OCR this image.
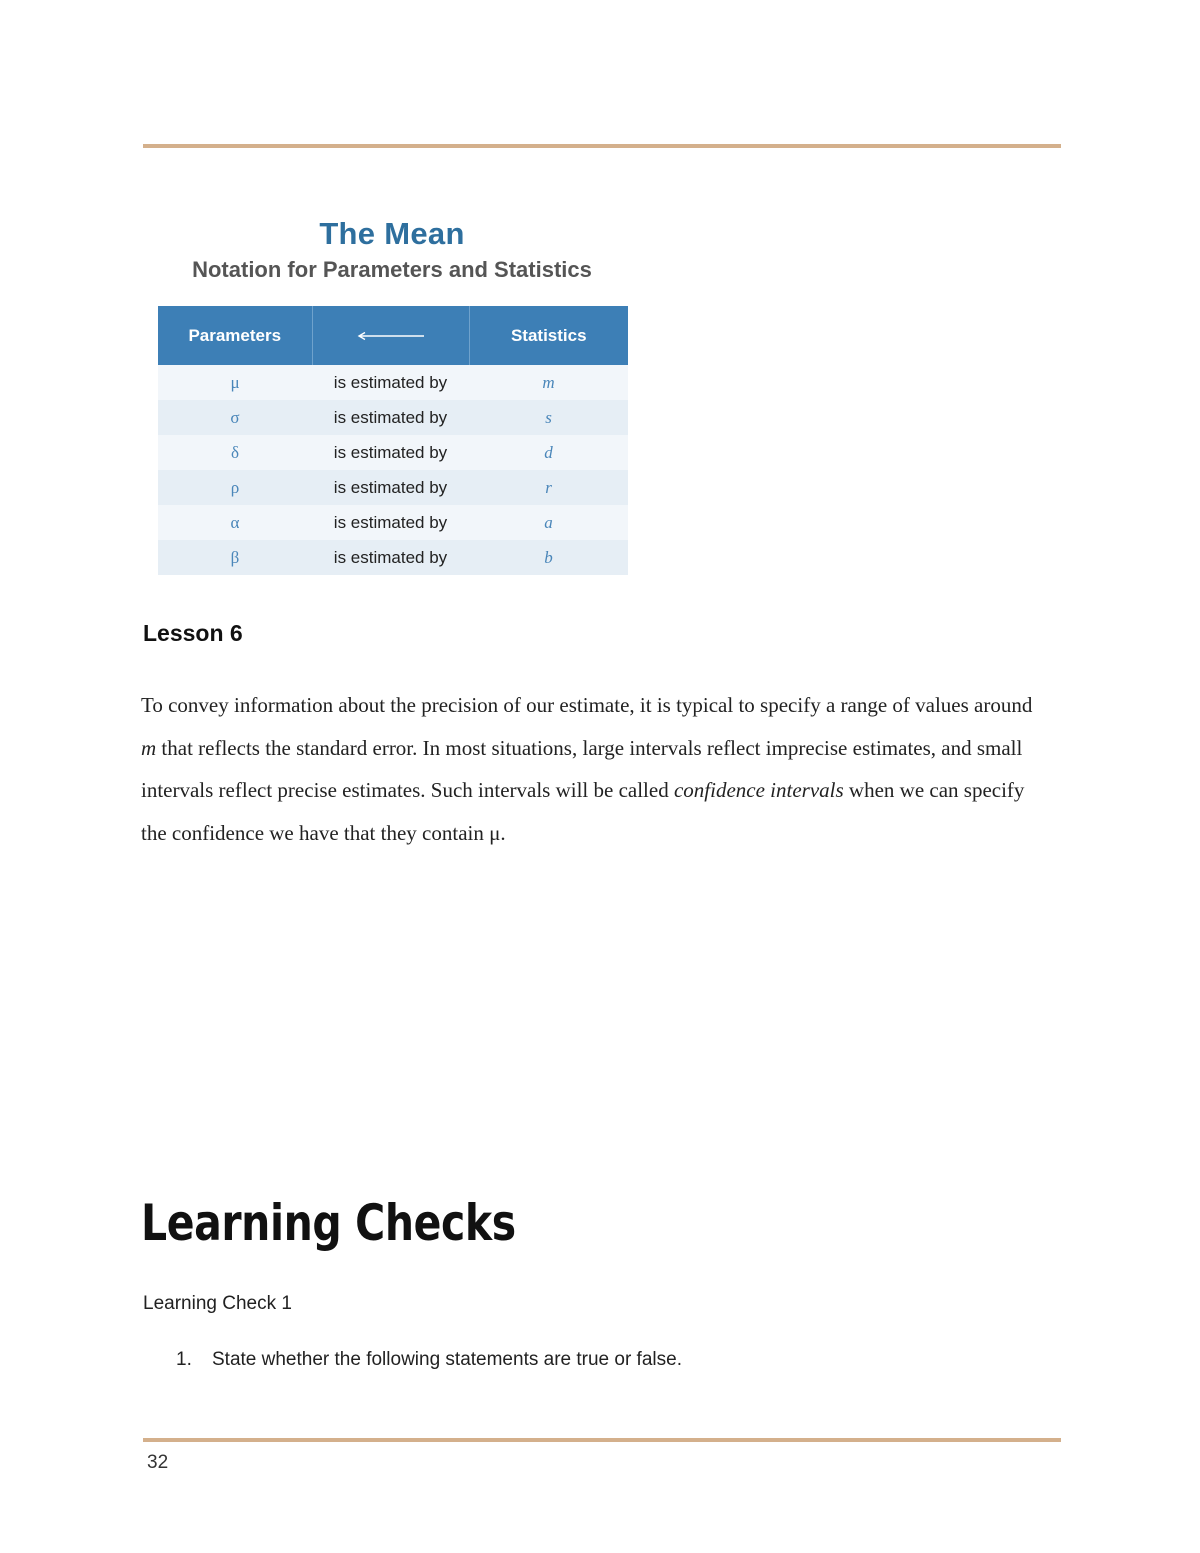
The Mean
Notation for Parameters and Statistics
Parameters		Statistics
μ	is estimated by	m
σ	is estimated by	s
δ	is estimated by	d
ρ	is estimated by	r
α	is estimated by	a
β	is estimated by	b
Lesson 6

To convey information about the precision of our estimate, it is typical to specify a range of values around m that reflects the standard error. In most situations, large intervals reflect imprecise estimates, and small intervals reflect precise estimates. Such intervals will be called confidence intervals when we can specify the confidence we have that they contain μ.

Learning Checks

Learning Check 1

1. State whether the following statements are true or false.

32
